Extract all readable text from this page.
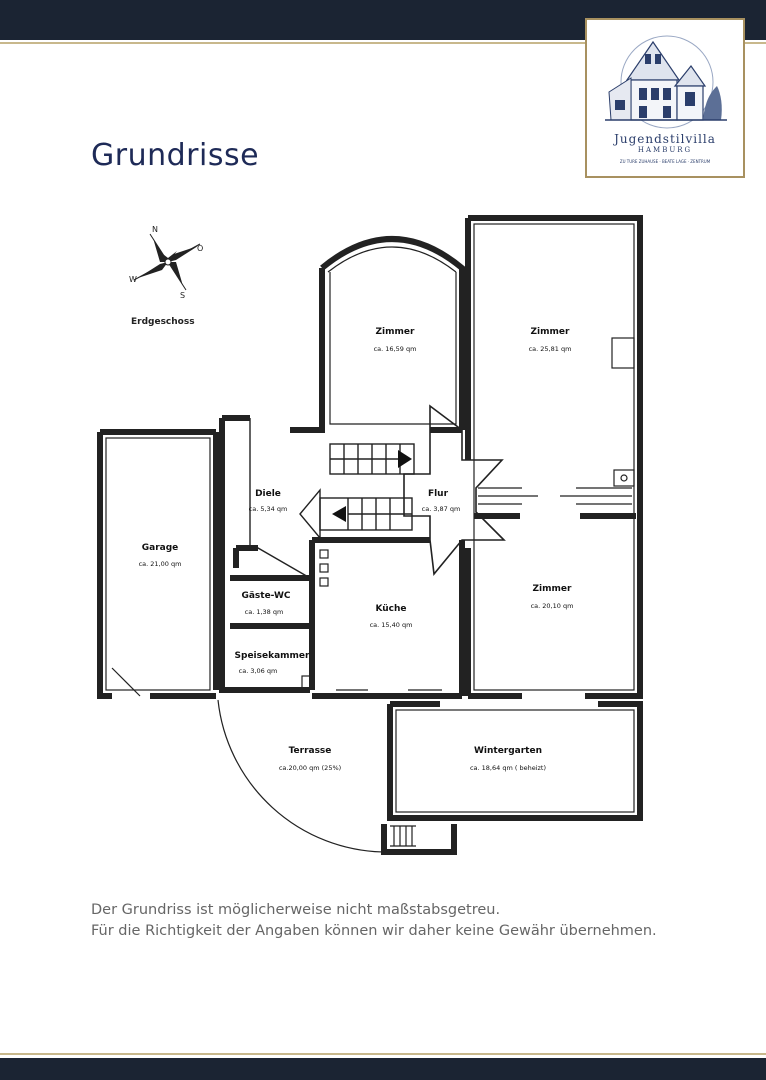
Grundrisse	ZU TURE ZUHAUSE · BEATE LAGE · ZENTRUM
Jugendstilvilla
HAMBURG
N
O
S
W
Erdgeschoss
Zimmer
ca. 16,59 qm
Zimmer
ca. 25,81 qm
Diele
ca. 5,34 qm
Flur
ca. 3,87 qm
Garage
ca. 21,00 qm
Gäste-WC
ca. 1,38 qm	Küche
ca. 15,40 qm
Zimmer
ca. 20,10 qm
Speisekammer
ca. 3,06 qm
Terrasse
ca.20,00 qm (25%)
Wintergarten
ca. 18,64 qm ( beheizt)
Der Grundriss ist möglicherweise nicht maßstabsgetreu.
Für die Richtigkeit der Angaben können wir daher keine Gewähr übernehmen.
